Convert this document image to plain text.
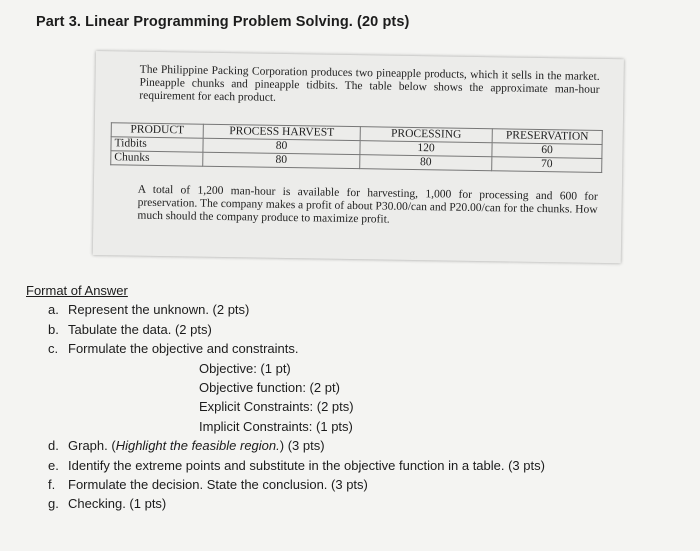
Part 3. Linear Programming Problem Solving. (20 pts)
The Philippine Packing Corporation produces two pineapple products, which it sells in the market. Pineapple chunks and pineapple tidbits. The table below shows the approximate man-hour requirement for each product.
PRODUCT	PROCESS HARVEST	PROCESSING	PRESERVATION
Tidbits	80	120	60
Chunks	80	80	70
A total of 1,200 man-hour is available for harvesting, 1,000 for processing and 600 for preservation. The company makes a profit of about P30.00/can and P20.00/can for the chunks. How much should the company produce to maximize profit.
Format of Answer
a. Represent the unknown. (2 pts)
b. Tabulate the data. (2 pts)
c. Formulate the objective and constraints.
Objective: (1 pt)
Objective function: (2 pt)
Explicit Constraints: (2 pts)
Implicit Constraints: (1 pts)
d. Graph. (Highlight the feasible region.) (3 pts)
e. Identify the extreme points and substitute in the objective function in a table. (3 pts)
f. Formulate the decision. State the conclusion. (3 pts)
g. Checking. (1 pts)
